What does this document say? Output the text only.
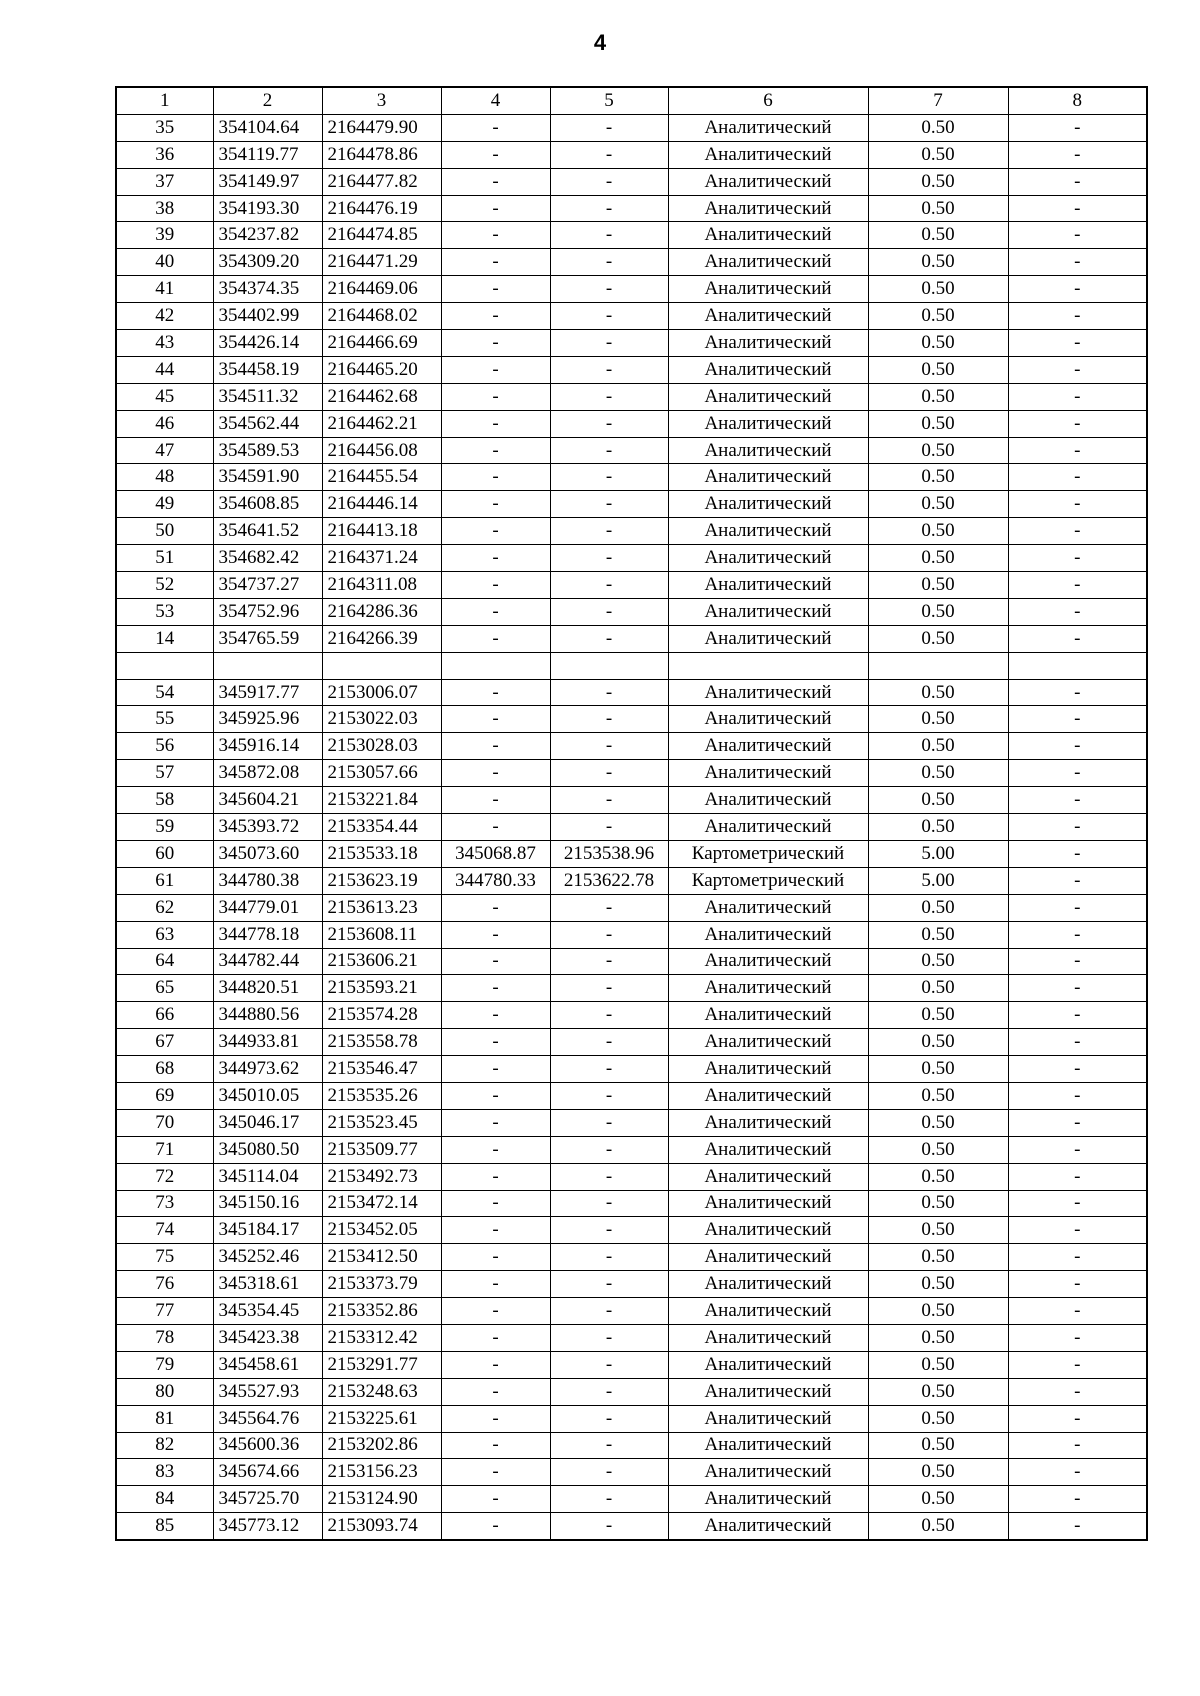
4
1	2	3	4	5	6	7	8
35	354104.64	2164479.90	-	-	Аналитический	0.50	-
36	354119.77	2164478.86	-	-	Аналитический	0.50	-
37	354149.97	2164477.82	-	-	Аналитический	0.50	-
38	354193.30	2164476.19	-	-	Аналитический	0.50	-
39	354237.82	2164474.85	-	-	Аналитический	0.50	-
40	354309.20	2164471.29	-	-	Аналитический	0.50	-
41	354374.35	2164469.06	-	-	Аналитический	0.50	-
42	354402.99	2164468.02	-	-	Аналитический	0.50	-
43	354426.14	2164466.69	-	-	Аналитический	0.50	-
44	354458.19	2164465.20	-	-	Аналитический	0.50	-
45	354511.32	2164462.68	-	-	Аналитический	0.50	-
46	354562.44	2164462.21	-	-	Аналитический	0.50	-
47	354589.53	2164456.08	-	-	Аналитический	0.50	-
48	354591.90	2164455.54	-	-	Аналитический	0.50	-
49	354608.85	2164446.14	-	-	Аналитический	0.50	-
50	354641.52	2164413.18	-	-	Аналитический	0.50	-
51	354682.42	2164371.24	-	-	Аналитический	0.50	-
52	354737.27	2164311.08	-	-	Аналитический	0.50	-
53	354752.96	2164286.36	-	-	Аналитический	0.50	-
14	354765.59	2164266.39	-	-	Аналитический	0.50	-

54	345917.77	2153006.07	-	-	Аналитический	0.50	-
55	345925.96	2153022.03	-	-	Аналитический	0.50	-
56	345916.14	2153028.03	-	-	Аналитический	0.50	-
57	345872.08	2153057.66	-	-	Аналитический	0.50	-
58	345604.21	2153221.84	-	-	Аналитический	0.50	-
59	345393.72	2153354.44	-	-	Аналитический	0.50	-
60	345073.60	2153533.18	345068.87	2153538.96	Картометрический	5.00	-
61	344780.38	2153623.19	344780.33	2153622.78	Картометрический	5.00	-
62	344779.01	2153613.23	-	-	Аналитический	0.50	-
63	344778.18	2153608.11	-	-	Аналитический	0.50	-
64	344782.44	2153606.21	-	-	Аналитический	0.50	-
65	344820.51	2153593.21	-	-	Аналитический	0.50	-
66	344880.56	2153574.28	-	-	Аналитический	0.50	-
67	344933.81	2153558.78	-	-	Аналитический	0.50	-
68	344973.62	2153546.47	-	-	Аналитический	0.50	-
69	345010.05	2153535.26	-	-	Аналитический	0.50	-
70	345046.17	2153523.45	-	-	Аналитический	0.50	-
71	345080.50	2153509.77	-	-	Аналитический	0.50	-
72	345114.04	2153492.73	-	-	Аналитический	0.50	-
73	345150.16	2153472.14	-	-	Аналитический	0.50	-
74	345184.17	2153452.05	-	-	Аналитический	0.50	-
75	345252.46	2153412.50	-	-	Аналитический	0.50	-
76	345318.61	2153373.79	-	-	Аналитический	0.50	-
77	345354.45	2153352.86	-	-	Аналитический	0.50	-
78	345423.38	2153312.42	-	-	Аналитический	0.50	-
79	345458.61	2153291.77	-	-	Аналитический	0.50	-
80	345527.93	2153248.63	-	-	Аналитический	0.50	-
81	345564.76	2153225.61	-	-	Аналитический	0.50	-
82	345600.36	2153202.86	-	-	Аналитический	0.50	-
83	345674.66	2153156.23	-	-	Аналитический	0.50	-
84	345725.70	2153124.90	-	-	Аналитический	0.50	-
85	345773.12	2153093.74	-	-	Аналитический	0.50	-
